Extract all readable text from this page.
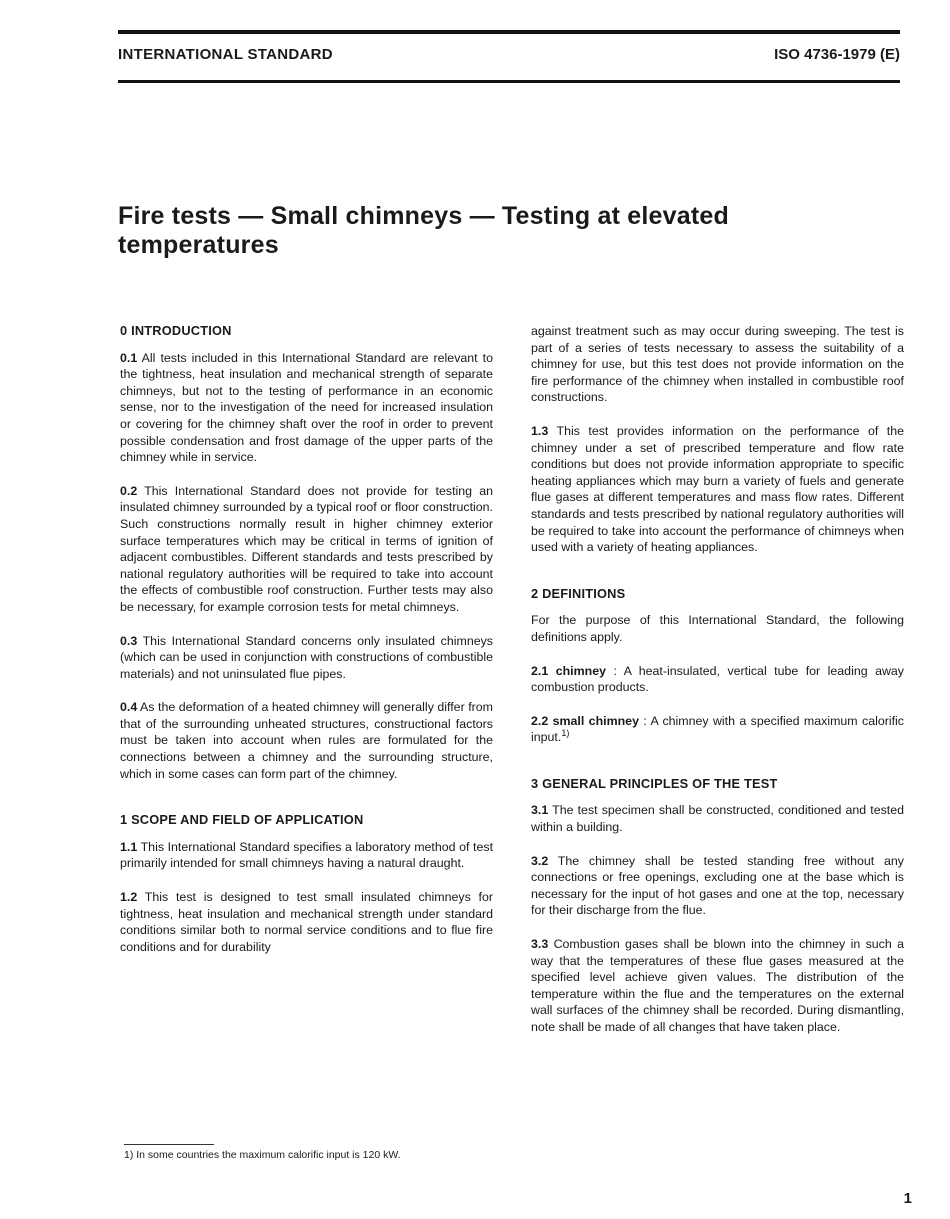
INTERNATIONAL STANDARD	ISO 4736-1979 (E)
Fire tests — Small chimneys — Testing at elevated
temperatures
0 INTRODUCTION

0.1 All tests included in this International Standard are relevant to the tightness, heat insulation and mechanical strength of separate chimneys, but not to the testing of performance in an economic sense, nor to the investigation of the need for increased insulation or covering for the chimney shaft over the roof in order to prevent possible condensation and frost damage of the upper parts of the chimney while in service.

0.2 This International Standard does not provide for testing an insulated chimney surrounded by a typical roof or floor construction. Such constructions normally result in higher chimney exterior surface temperatures which may be critical in terms of ignition of adjacent combustibles. Different standards and tests prescribed by national regulatory authorities will be required to take into account the effects of combustible roof construction. Further tests may also be necessary, for example corrosion tests for metal chimneys.

0.3 This International Standard concerns only insulated chimneys (which can be used in conjunction with constructions of combustible materials) and not uninsulated flue pipes.

0.4 As the deformation of a heated chimney will generally differ from that of the surrounding unheated structures, constructional factors must be taken into account when rules are formulated for the connections between a chimney and the surrounding structure, which in some cases can form part of the chimney.

1 SCOPE AND FIELD OF APPLICATION

1.1 This International Standard specifies a laboratory method of test primarily intended for small chimneys having a natural draught.

1.2 This test is designed to test small insulated chimneys for tightness, heat insulation and mechanical strength under standard conditions similar both to normal service conditions and to flue fire conditions and for durability

against treatment such as may occur during sweeping. The test is part of a series of tests necessary to assess the suitability of a chimney for use, but this test does not provide information on the fire performance of the chimney when installed in combustible roof constructions.

1.3 This test provides information on the performance of the chimney under a set of prescribed temperature and flow rate conditions but does not provide information appropriate to specific heating appliances which may burn a variety of fuels and generate flue gases at different temperatures and mass flow rates. Different standards and tests prescribed by national regulatory authorities will be required to take into account the performance of chimneys when used with a variety of heating appliances.

2 DEFINITIONS

For the purpose of this International Standard, the following definitions apply.

2.1 chimney : A heat-insulated, vertical tube for leading away combustion products.

2.2 small chimney : A chimney with a specified maximum calorific input.$^{1)}$

3 GENERAL PRINCIPLES OF THE TEST

3.1 The test specimen shall be constructed, conditioned and tested within a building.

3.2 The chimney shall be tested standing free without any connections or free openings, excluding one at the base which is necessary for the input of hot gases and one at the top, necessary for their discharge from the flue.

3.3 Combustion gases shall be blown into the chimney in such a way that the temperatures of these flue gases measured at the specified level achieve given values. The distribution of the temperature within the flue and the temperatures on the external wall surfaces of the chimney shall be recorded. During dismantling, note shall be made of all changes that have taken place.

1) In some countries the maximum calorific input is 120 kW.
1
